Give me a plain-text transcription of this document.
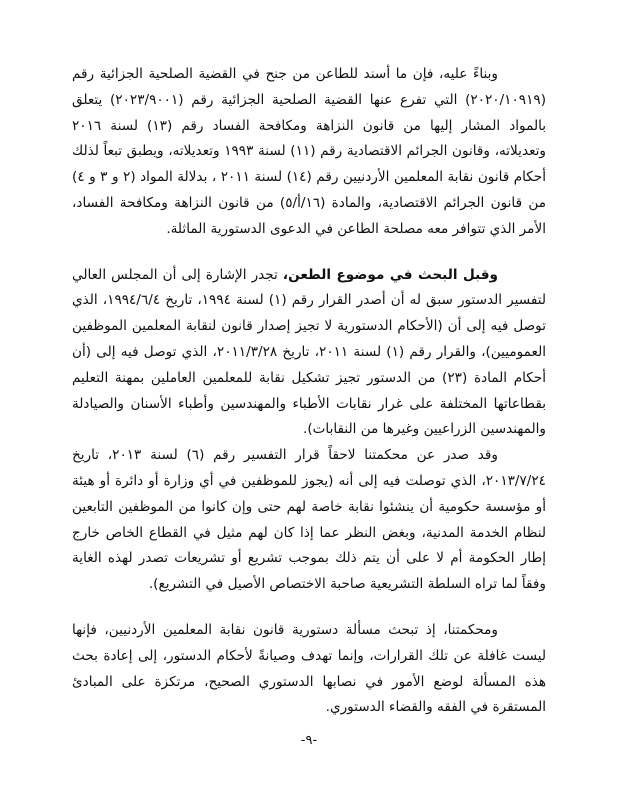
وبناءً عليه، فإن ما أسند للطاعن من جنح في القضية الصلحية الجزائية رقم (٢٠٢٠/١٠٩١٩) التي تفرع عنها القضية الصلحية الجزائية رقم (٢٠٢٣/٩٠٠١) يتعلق بالمواد المشار إليها من قانون النزاهة ومكافحة الفساد رقم (١٣) لسنة ٢٠١٦ وتعديلاته، وقانون الجرائم الاقتصادية رقم (١١) لسنة ١٩٩٣ وتعديلاته، ويطبق تبعاً لذلك أحكام قانون نقابة المعلمين الأردنيين رقم (١٤) لسنة ٢٠١١ ، بدلالة المواد (٢ و ٣ و ٤) من قانون الجرائم الاقتصادية، والمادة (١٦/أ/٥) من قانون النزاهة ومكافحة الفساد، الأمر الذي تتوافر معه مصلحة الطاعن في الدعوى الدستورية الماثلة.

وقبل البحث في موضوع الطعن، تجدر الإشارة إلى أن المجلس العالي لتفسير الدستور سبق له أن أصدر القرار رقم (١) لسنة ١٩٩٤، تاريخ ١٩٩٤/٦/٤، الذي توصل فيه إلى أن (الأحكام الدستورية لا تجيز إصدار قانون لنقابة المعلمين الموظفين العموميين)، والقرار رقم (١) لسنة ٢٠١١، تاريخ ٢٠١١/٣/٢٨، الذي توصل فيه إلى (أن أحكام المادة (٢٣) من الدستور تجيز تشكيل نقابة للمعلمين العاملين بمهنة التعليم بقطاعاتها المختلفة على غرار نقابات الأطباء والمهندسين وأطباء الأسنان والصيادلة والمهندسين الزراعيين وغيرها من النقابات).

وقد صدر عن محكمتنا لاحقاً قرار التفسير رقم (٦) لسنة ٢٠١٣، تاريخ ٢٠١٣/٧/٢٤، الذي توصلت فيه إلى أنه (يجوز للموظفين في أي وزارة أو دائرة أو هيئة أو مؤسسة حكومية أن ينشئوا نقابة خاصة لهم حتى وإن كانوا من الموظفين التابعين لنظام الخدمة المدنية، وبغض النظر عما إذا كان لهم مثيل في القطاع الخاص خارج إطار الحكومة أم لا على أن يتم ذلك بموجب تشريع أو تشريعات تصدر لهذه الغاية وفقاً لما تراه السلطة التشريعية صاحبة الاختصاص الأصيل في التشريع).

ومحكمتنا، إذ تبحث مسألة دستورية قانون نقابة المعلمين الأردنيين، فإنها ليست غافلة عن تلك القرارات، وإنما تهدف وصيانةً لأحكام الدستور، إلى إعادة بحث هذه المسألة لوضع الأمور في نصابها الدستوري الصحيح، مرتكزة على المبادئ المستقرة في الفقه والقضاء الدستوري.

-٩-
